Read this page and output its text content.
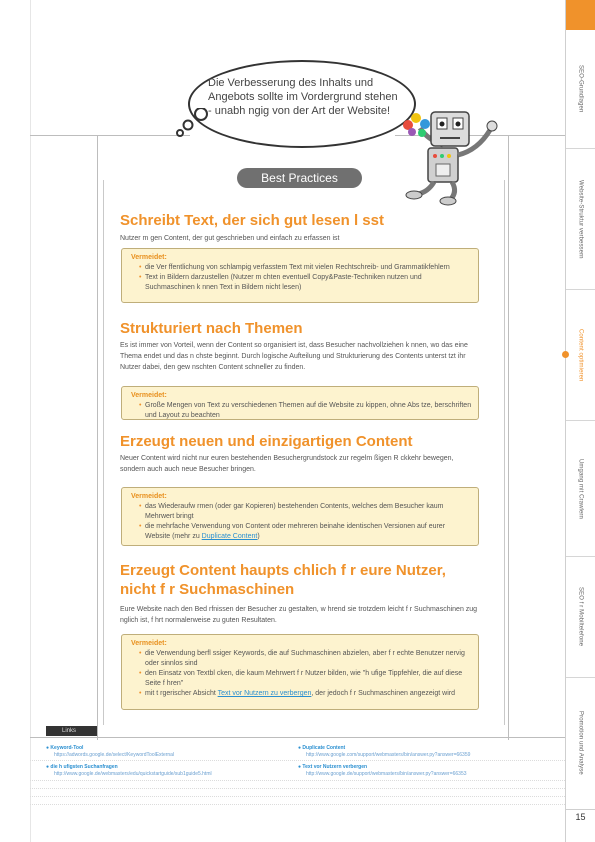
SEO-Grundlagen
Website-Struktur verbessern
Content optimieren
Umgang mit Crawlern
SEO f r Mobiltelefone
Promotion und Analyse
15
Best Practices
Die Verbesserung des Inhalts und Angebots sollte im Vordergrund stehen - unabh ngig von der Art der Website!
Schreibt Text, der sich gut lesen l sst

Nutzer m gen Content, der gut geschrieben und einfach zu erfassen ist

Vermeidet:
• die Ver ffentlichung von schlampig verfasstem Text mit vielen Rechtschreib- und Grammatikfehlern
• Text in Bildern darzustellen (Nutzer m chten eventuell Copy&Paste-Techniken nutzen und Suchmaschinen k nnen Text in Bildern nicht lesen)
Strukturiert nach Themen

Es ist immer von Vorteil, wenn der Content so organisiert ist, dass Besucher nachvollziehen k nnen, wo das eine Thema endet und das n chste beginnt. Durch logische Aufteilung und Strukturierung des Contents unterst tzt ihr Nutzer dabei, den gew nschten Content schneller zu finden.

Vermeidet:
• Große Mengen von Text zu verschiedenen Themen auf die Website zu kippen, ohne Abs tze, berschriften und Layout zu beachten
Erzeugt neuen und einzigartigen Content

Neuer Content wird nicht nur euren bestehenden Besuchergrundstock zur regelm ßigen R ckkehr bewegen, sondern auch auch neue Besucher bringen.

Vermeidet:
• das Wiederaufw rmen (oder gar Kopieren) bestehenden Contents, welches dem Besucher kaum Mehrwert bringt
• die mehrfache Verwendung von Content oder mehreren beinahe identischen Versionen auf eurer Website (mehr zu Duplicate Content)
Erzeugt Content haupts chlich f r eure Nutzer, nicht f r Suchmaschinen

Eure Website nach den Bed rfnissen der Besucher zu gestalten, w hrend sie trotzdem leicht f r Suchmaschinen zug nglich ist, f hrt normalerweise zu guten Resultaten.

Vermeidet:
• die Verwendung berfl ssiger Keywords, die auf Suchmaschinen abzielen, aber f r echte Benutzer nervig oder sinnlos sind
• den Einsatz von Textbl cken, die kaum Mehrwert f r Nutzer bilden, wie "h ufige Tippfehler, die auf diese Seite f hren"
• mit t rgerischer Absicht Text vor Nutzern zu verbergen, der jedoch f r Suchmaschinen angezeigt wird
Links
● Keyword-Tool
https://adwords.google.de/select/KeywordToolExternal
● die h ufigsten Suchanfragen
http://www.google.de/webmasters/edu/quickstartguide/sub1guide5.html
● Duplicate Content
http://www.google.com/support/webmasters/bin/answer.py?answer=66359
● Text vor Nutzern verbergen
http://www.google.de/support/webmasters/bin/answer.py?answer=66353
